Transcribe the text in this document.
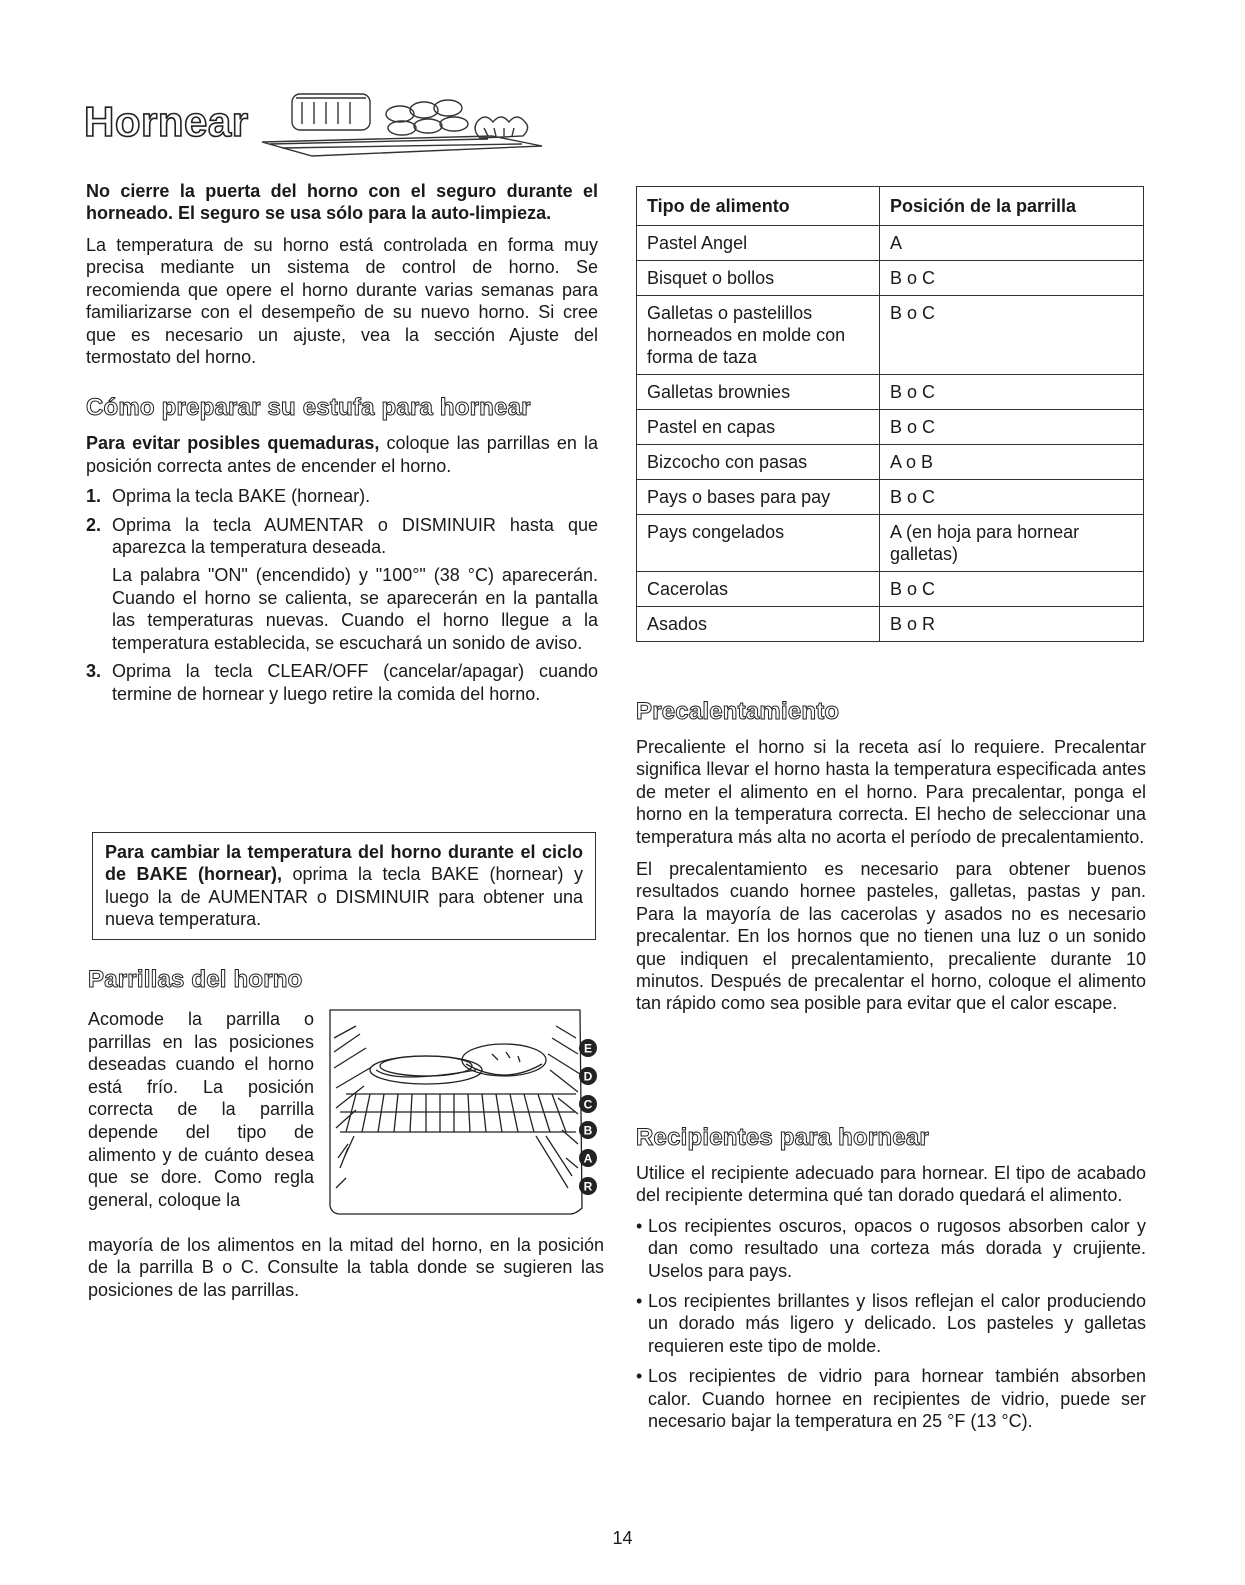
Hornear

No cierre la puerta del horno con el seguro durante el horneado. El seguro se usa sólo para la auto-limpieza.

La temperatura de su horno está controlada en forma muy precisa mediante un sistema de control de horno. Se recomienda que opere el horno durante varias semanas para familiarizarse con el desempeño de su nuevo horno. Si cree que es necesario un ajuste, vea la sección Ajuste del termostato del horno.

Cómo preparar su estufa para hornear

Para evitar posibles quemaduras, coloque las parrillas en la posición correcta antes de encender el horno.

1. Oprima la tecla BAKE (hornear).
2. Oprima la tecla AUMENTAR o DISMINUIR hasta que aparezca la temperatura deseada.
La palabra "ON" (encendido) y "100°" (38 °C) aparecerán. Cuando el horno se calienta, se aparecerán en la pantalla las temperaturas nuevas. Cuando el horno llegue a la temperatura establecida, se escuchará un sonido de aviso.
3. Oprima la tecla CLEAR/OFF (cancelar/apagar) cuando termine de hornear y luego retire la comida del horno.

Para cambiar la temperatura del horno durante el ciclo de BAKE (hornear), oprima la tecla BAKE (hornear) y luego la de AUMENTAR o DISMINUIR para obtener una nueva temperatura.

Parrillas del horno

Acomode la parrilla o parrillas en las posiciones deseadas cuando el horno está frío. La posición correcta de la parrilla depende del tipo de alimento y de cuánto desea que se dore. Como regla general, coloque la

mayoría de los alimentos en la mitad del horno, en la posición de la parrilla B o C. Consulte la tabla donde se sugieren las posiciones de las parrillas.

E
D
C
B
A
R
Tipo de alimento	Posición de la parrilla
Pastel Angel	A
Bisquet o bollos	B o C
Galletas o pastelillos horneados en molde con forma de taza	B o C
Galletas brownies	B o C
Pastel en capas	B o C
Bizcocho con pasas	A o B
Pays o bases para pay	B o C
Pays congelados	A (en hoja para hornear galletas)
Cacerolas	B o C
Asados	B o R
Precalentamiento

Precaliente el horno si la receta así lo requiere. Precalentar significa llevar el horno hasta la temperatura especificada antes de meter el alimento en el horno. Para precalentar, ponga el horno en la temperatura correcta. El hecho de seleccionar una temperatura más alta no acorta el período de precalentamiento.

El precalentamiento es necesario para obtener buenos resultados cuando hornee pasteles, galletas, pastas y pan. Para la mayoría de las cacerolas y asados no es necesario precalentar. En los hornos que no tienen una luz o un sonido que indiquen el precalentamiento, precaliente durante 10 minutos. Después de precalentar el horno, coloque el alimento tan rápido como sea posible para evitar que el calor escape.

Recipientes para hornear

Utilice el recipiente adecuado para hornear. El tipo de acabado del recipiente determina qué tan dorado quedará el alimento.

• Los recipientes oscuros, opacos o rugosos absorben calor y dan como resultado una corteza más dorada y crujiente. Uselos para pays.
• Los recipientes brillantes y lisos reflejan el calor produciendo un dorado más ligero y delicado. Los pasteles y galletas requieren este tipo de molde.
• Los recipientes de vidrio para hornear también absorben calor. Cuando hornee en recipientes de vidrio, puede ser necesario bajar la temperatura en 25 °F (13 °C).
14
